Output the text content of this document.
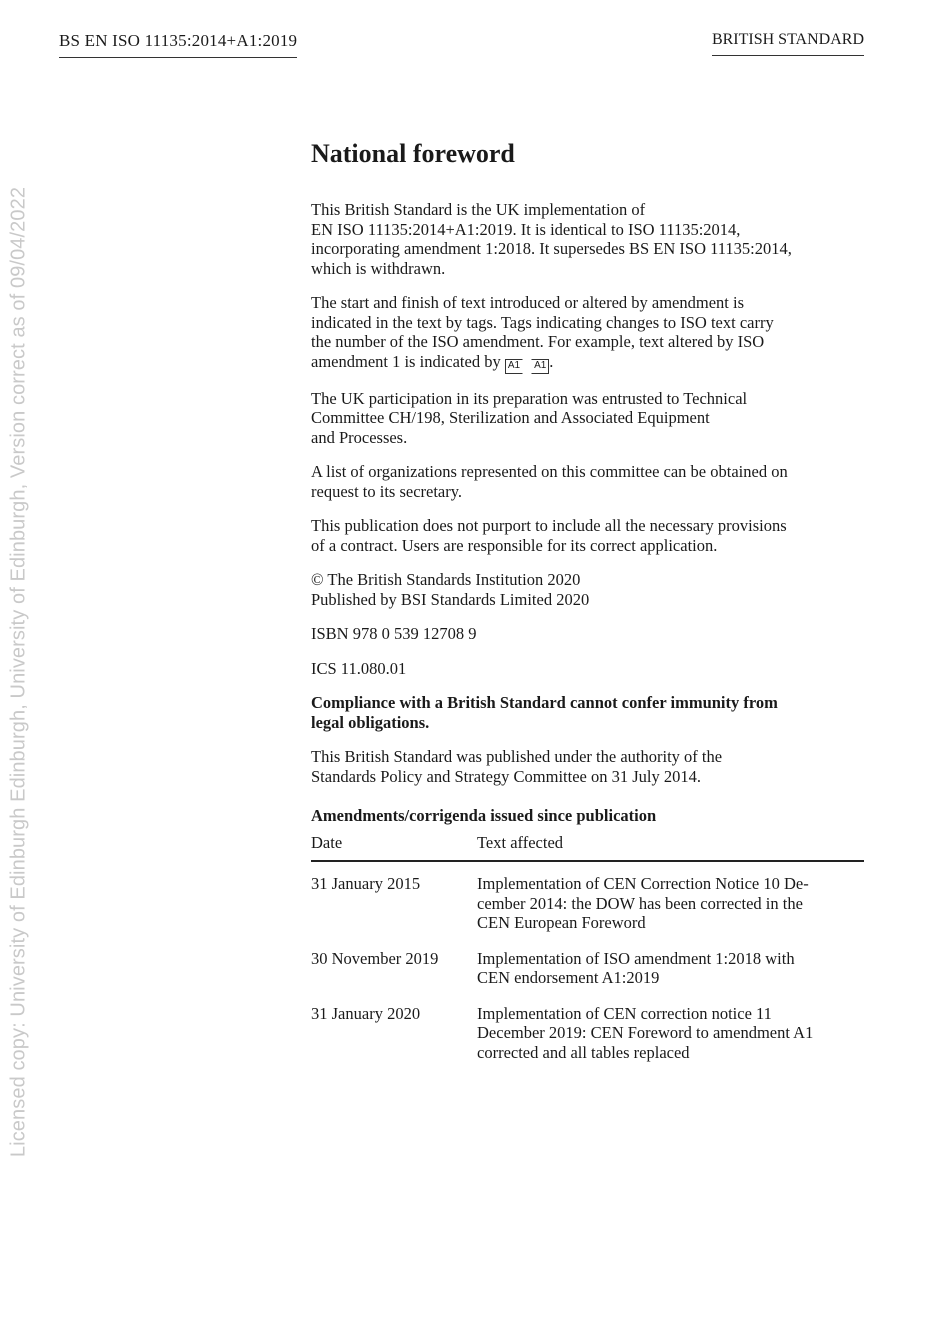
BS EN ISO 11135:2014+A1:2019	BRITISH STANDARD
Licensed copy: University of Edinburgh Edinburgh, University of Edinburgh, Version correct as of 09/04/2022
National foreword
This British Standard is the UK implementation of
EN ISO 11135:2014+A1:2019. It is identical to ISO 11135:2014,
incorporating amendment 1:2018. It supersedes BS EN ISO 11135:2014,
which is withdrawn.
The start and finish of text introduced or altered by amendment is
indicated in the text by tags. Tags indicating changes to ISO text carry
the number of the ISO amendment. For example, text altered by ISO
amendment 1 is indicated by A1 A1 .
The UK participation in its preparation was entrusted to Technical
Committee CH/198, Sterilization and Associated Equipment
and Processes.
A list of organizations represented on this committee can be obtained on
request to its secretary.
This publication does not purport to include all the necessary provisions
of a contract. Users are responsible for its correct application.
© The British Standards Institution 2020
Published by BSI Standards Limited 2020
ISBN 978 0 539 12708 9
ICS 11.080.01
Compliance with a British Standard cannot confer immunity from
legal obligations.
This British Standard was published under the authority of the
Standards Policy and Strategy Committee on 31 July 2014.
Amendments/corrigenda issued since publication
Date	Text affected
31 January 2015	Implementation of CEN Correction Notice 10 De-
cember 2014: the DOW has been corrected in the
CEN European Foreword

30 November 2019	Implementation of ISO amendment 1:2018 with
CEN endorsement A1:2019

31 January 2020	Implementation of CEN correction notice 11
December 2019: CEN Foreword to amendment A1
corrected and all tables replaced
